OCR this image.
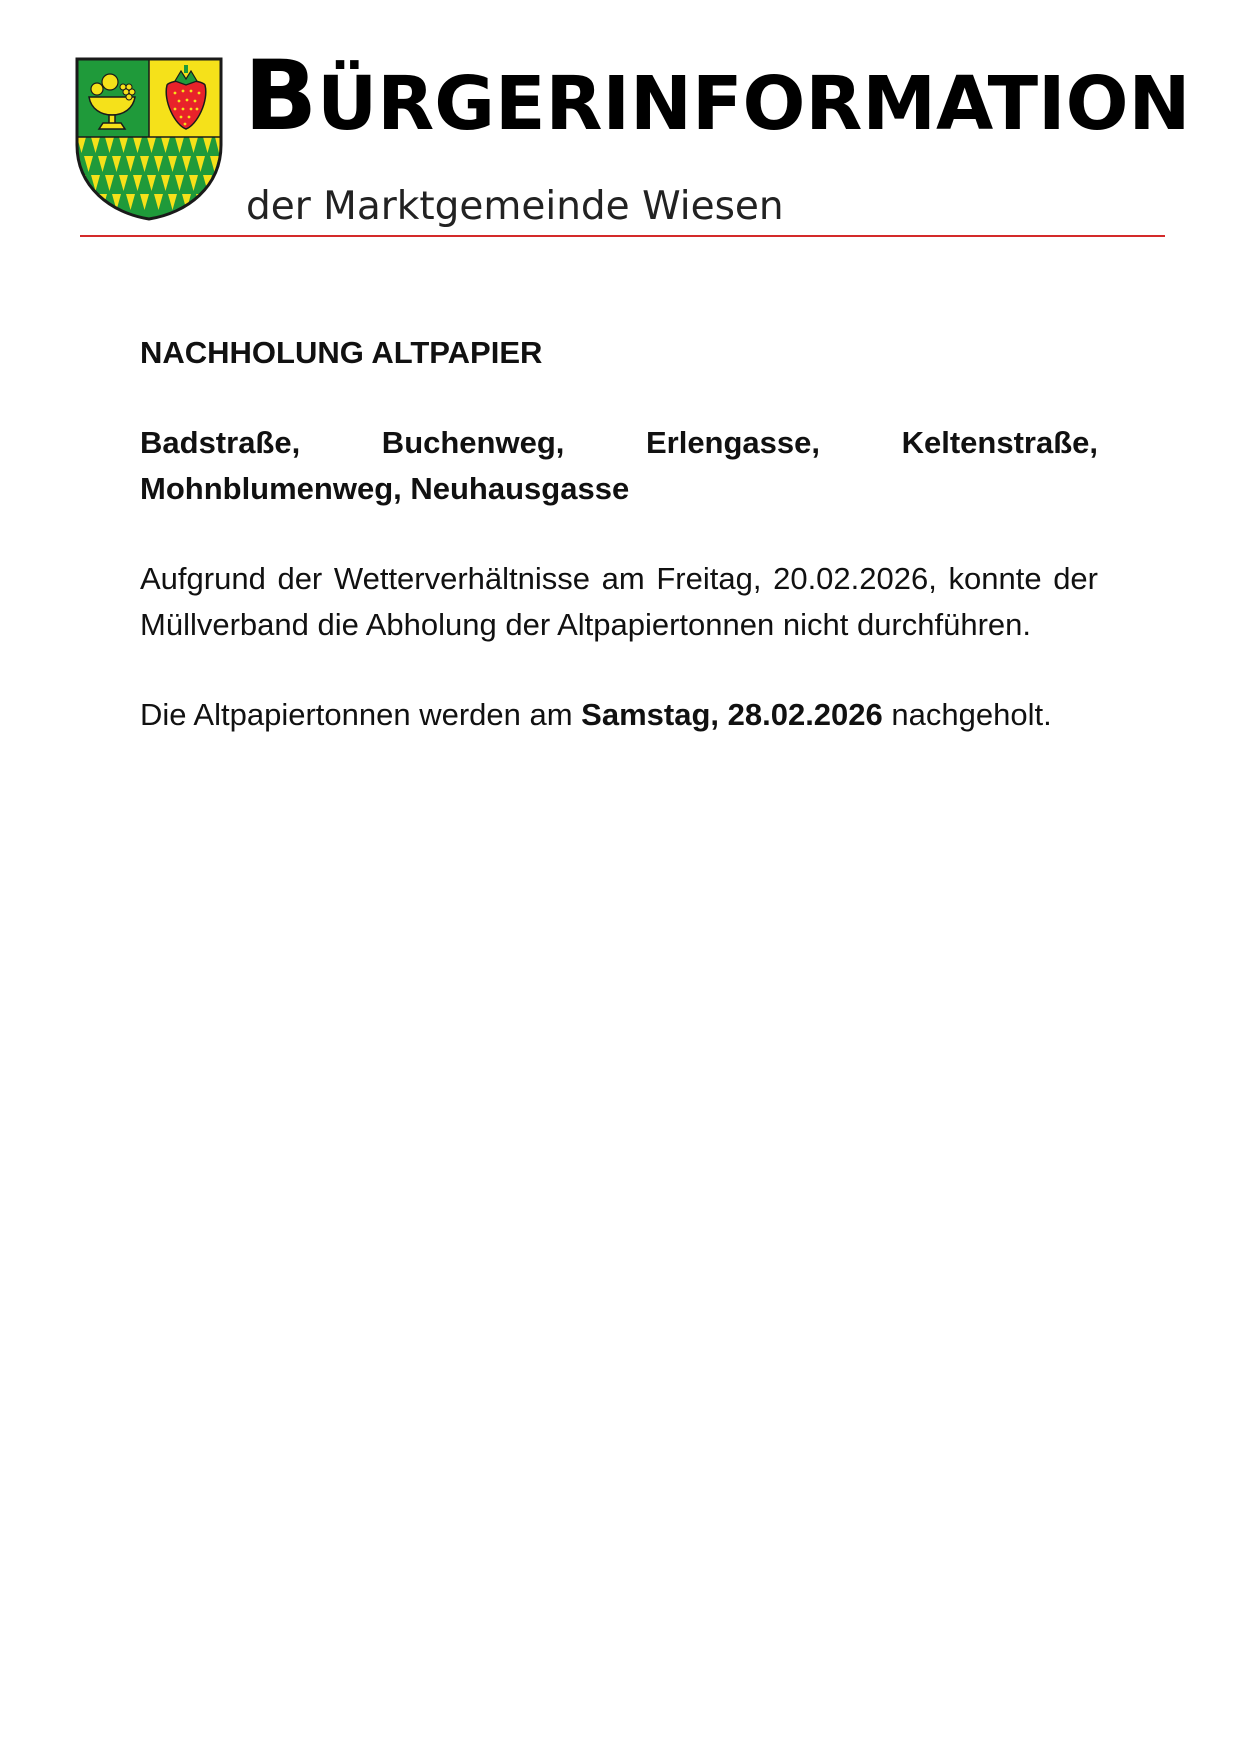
BÜRGERINFORMATION

der Marktgemeinde Wiesen

NACHHOLUNG ALTPAPIER

Badstraße, Buchenweg, Erlengasse, Keltenstraße, Mohnblumenweg, Neuhausgasse

Aufgrund der Wetterverhältnisse am Freitag, 20.02.2026, konnte der Müllverband die Abholung der Altpapiertonnen nicht durchführen.

Die Altpapiertonnen werden am Samstag, 28.02.2026 nachgeholt.
